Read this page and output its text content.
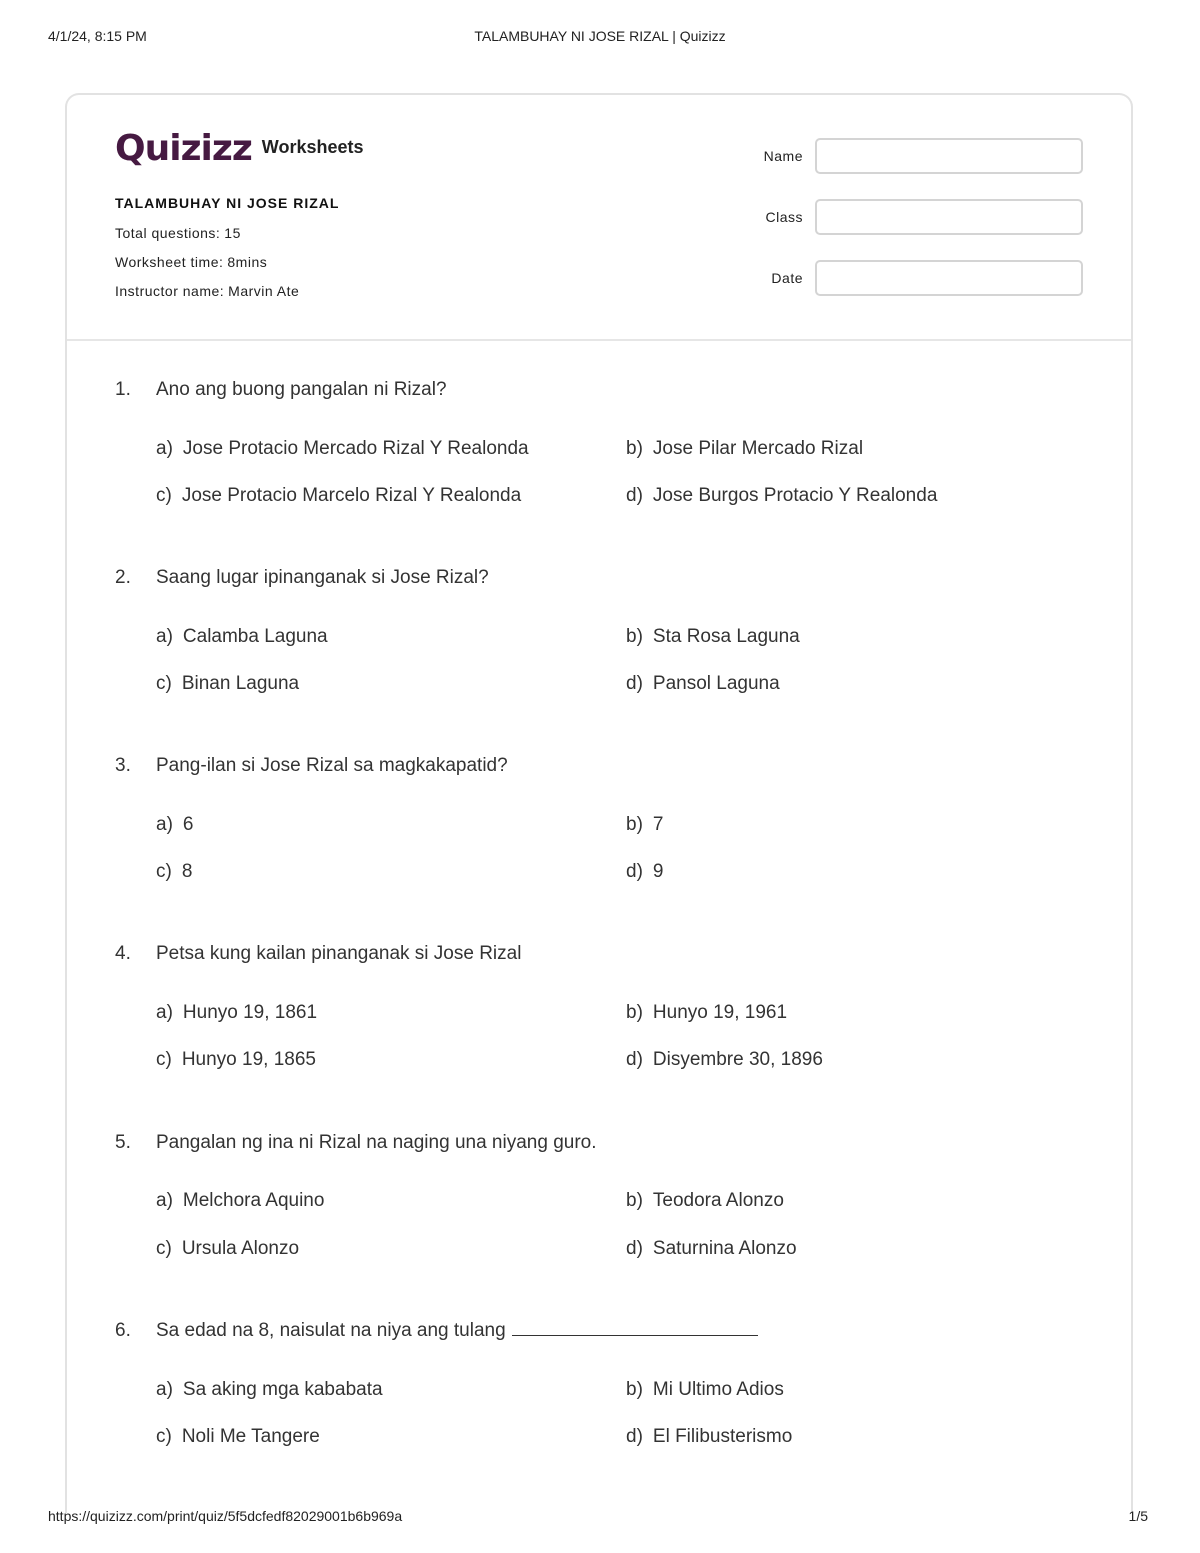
4/1/24, 8:15 PM	TALAMBUHAY NI JOSE RIZAL | Quizizz
Quizizz Worksheets
TALAMBUHAY NI JOSE RIZAL
Total questions: 15
Worksheet time: 8mins
Instructor name: Marvin Ate
Name
Class
Date
1. Ano ang buong pangalan ni Rizal?
a) Jose Protacio Mercado Rizal Y Realonda	b) Jose Pilar Mercado Rizal
c) Jose Protacio Marcelo Rizal Y Realonda	d) Jose Burgos Protacio Y Realonda
2. Saang lugar ipinanganak si Jose Rizal?
a) Calamba Laguna	b) Sta Rosa Laguna
c) Binan Laguna	d) Pansol Laguna
3. Pang-ilan si Jose Rizal sa magkakapatid?
a) 6	b) 7
c) 8	d) 9
4. Petsa kung kailan pinanganak si Jose Rizal
a) Hunyo 19, 1861	b) Hunyo 19, 1961
c) Hunyo 19, 1865	d) Disyembre 30, 1896
5. Pangalan ng ina ni Rizal na naging una niyang guro.
a) Melchora Aquino	b) Teodora Alonzo
c) Ursula Alonzo	d) Saturnina Alonzo
6. Sa edad na 8, naisulat na niya ang tulang
a) Sa aking mga kababata	b) Mi Ultimo Adios
c) Noli Me Tangere	d) El Filibusterismo
https://quizizz.com/print/quiz/5f5dcfedf82029001b6b969a	1/5
